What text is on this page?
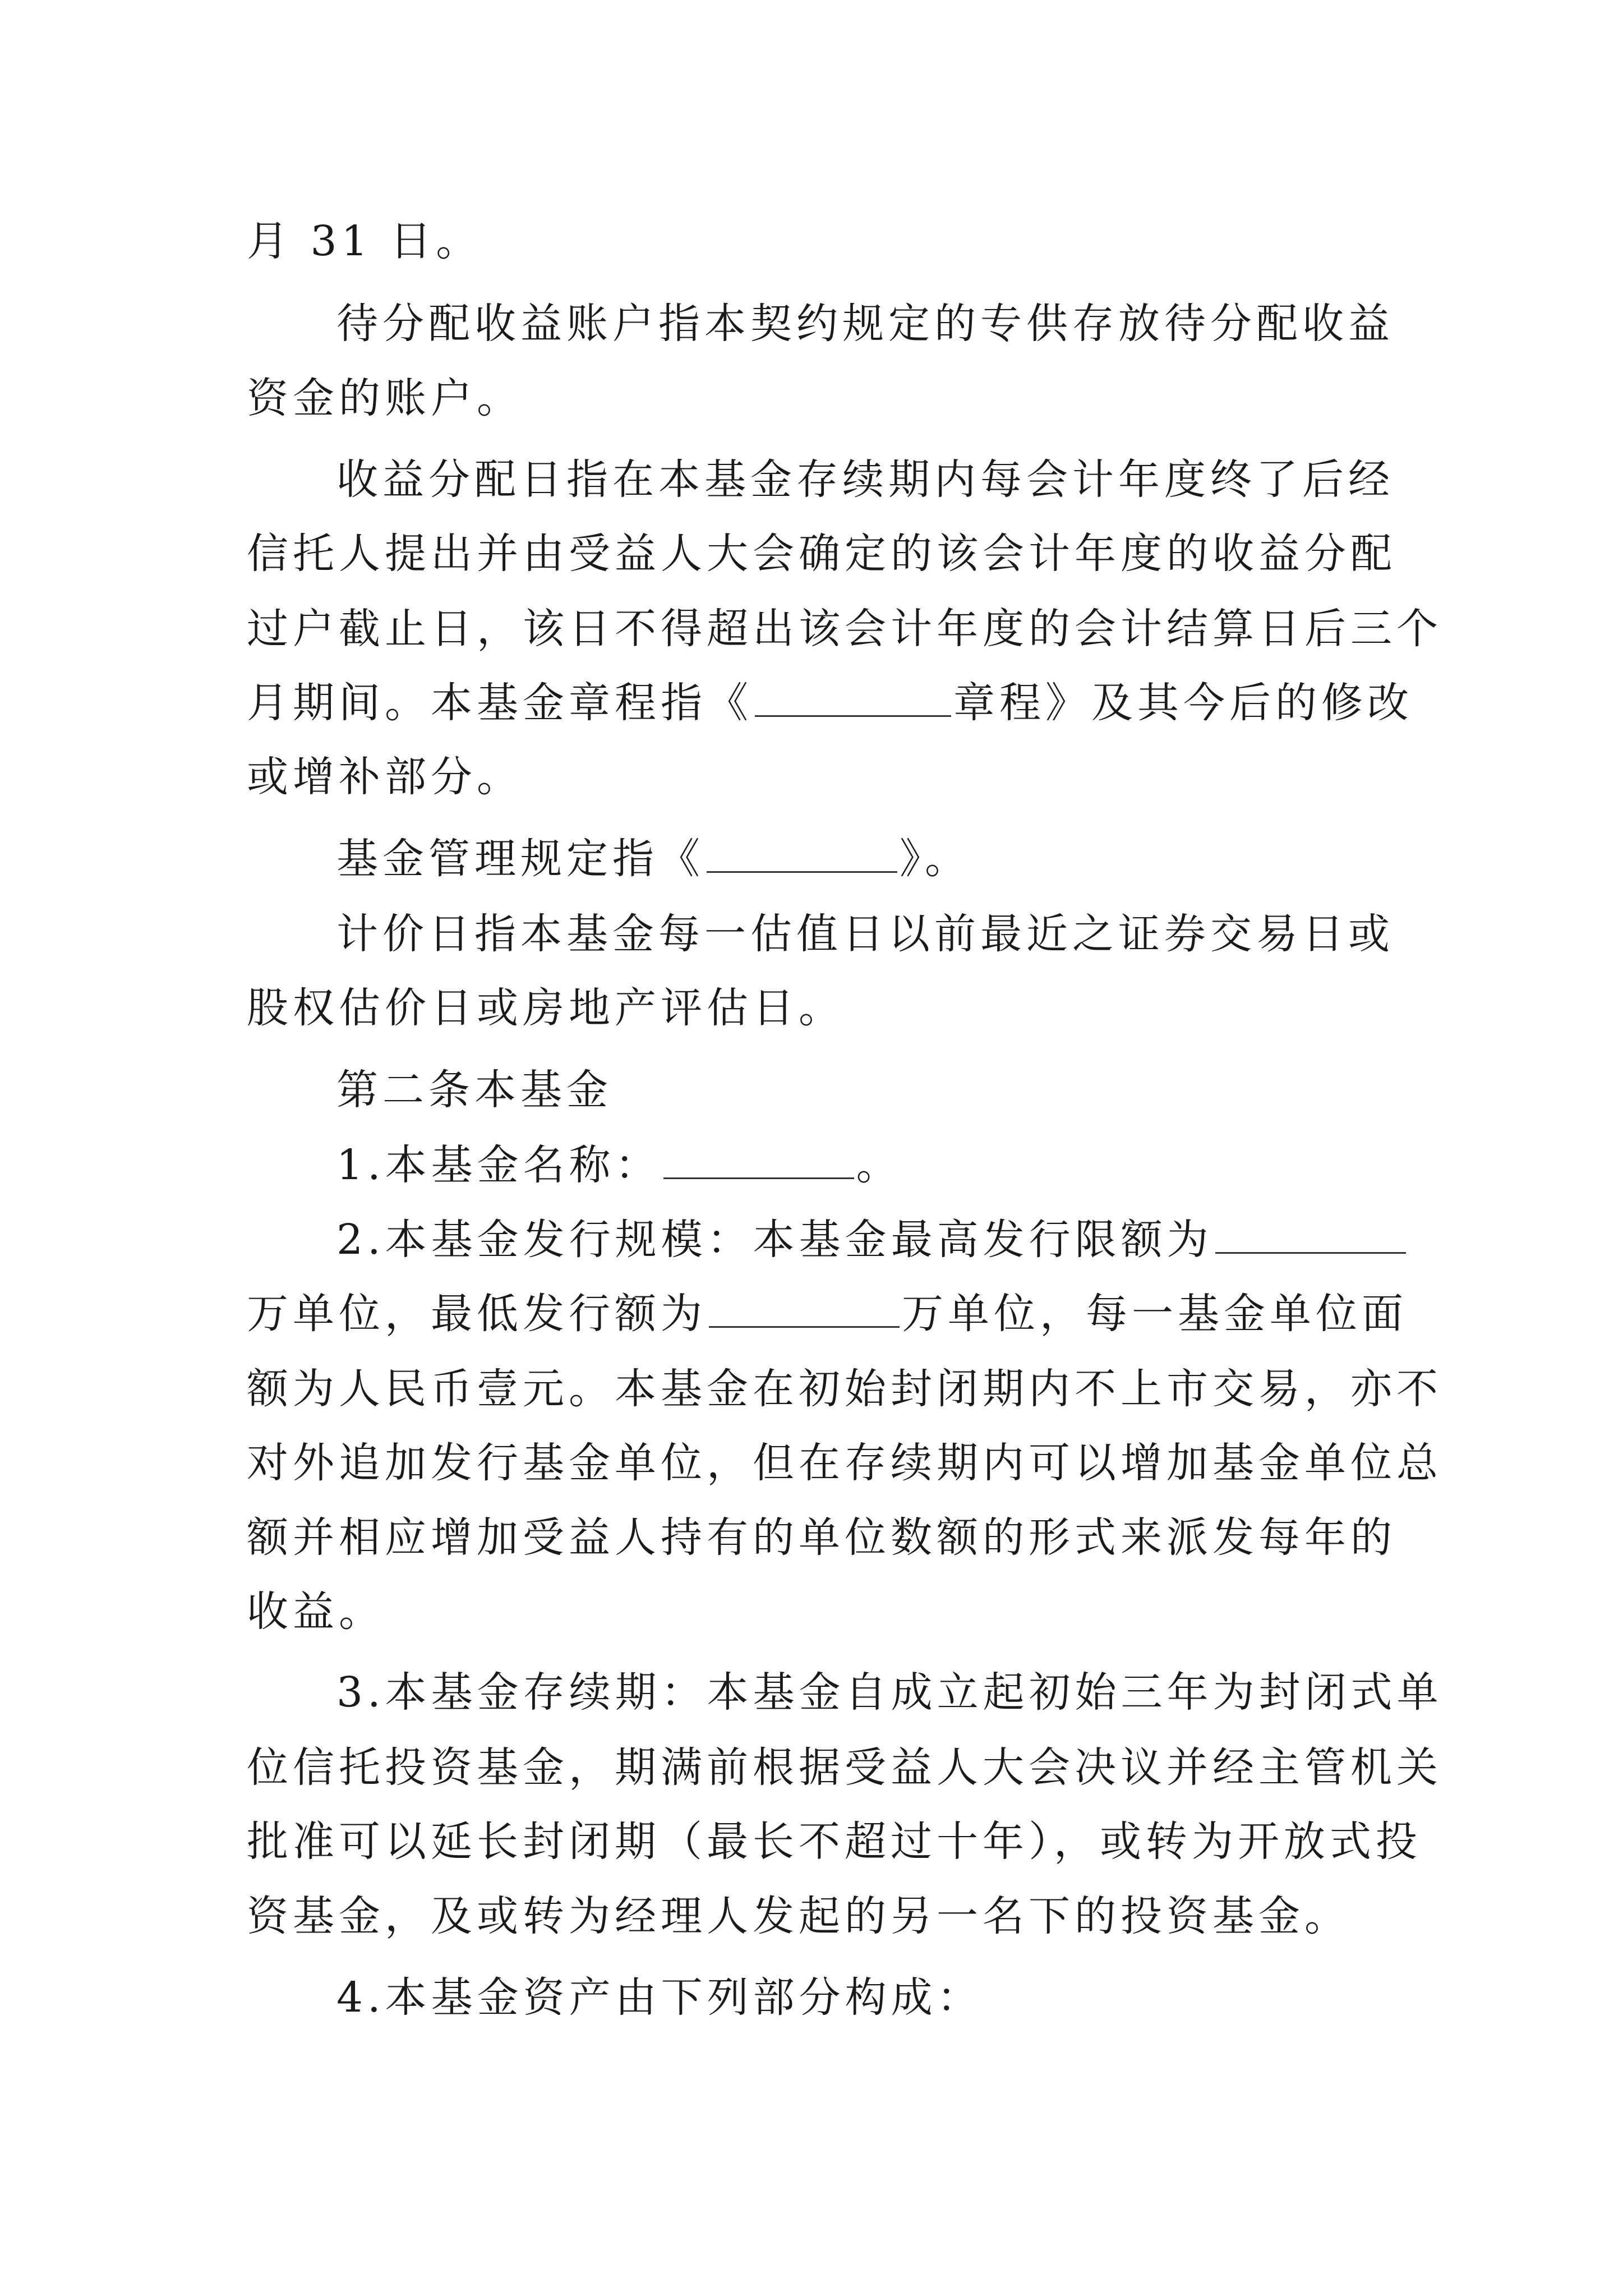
月 31 日。
待分配收益账户指本契约规定的专供存放待分配收益
资金的账户。
收益分配日指在本基金存续期内每会计年度终了后经
信托人提出并由受益人大会确定的该会计年度的收益分配
过户截止日，该日不得超出该会计年度的会计结算日后三个
月期间。本基金章程指《	章程》及其今后的修改
或增补部分。
基金管理规定指《	》。
计价日指本基金每一估值日以前最近之证券交易日或
股权估价日或房地产评估日。
第二条本基金
1.本基金名称：	。
2.本基金发行规模：本基金最高发行限额为
万单位，最低发行额为	万单位，每一基金单位面
额为人民币壹元。本基金在初始封闭期内不上市交易，亦不
对外追加发行基金单位，但在存续期内可以增加基金单位总
额并相应增加受益人持有的单位数额的形式来派发每年的
收益。
3.本基金存续期：本基金自成立起初始三年为封闭式单
位信托投资基金，期满前根据受益人大会决议并经主管机关
批准可以延长封闭期（最长不超过十年），或转为开放式投
资基金，及或转为经理人发起的另一名下的投资基金。
4.本基金资产由下列部分构成：
